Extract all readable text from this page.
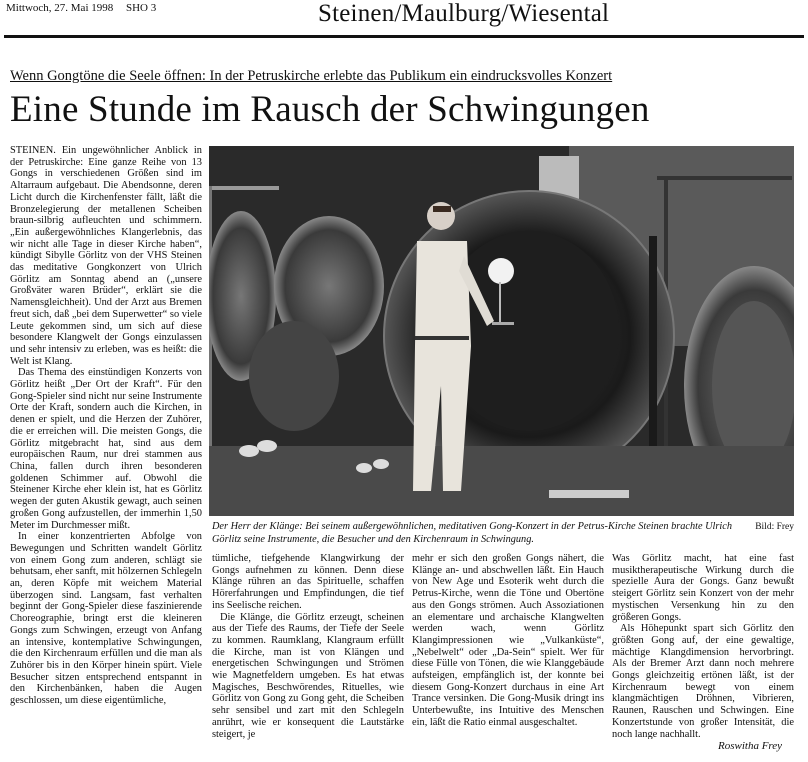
Mittwoch, 27. Mai 1998 SHO 3	Steinen/Maulburg/Wiesental
Wenn Gongtöne die Seele öffnen: In der Petruskirche erlebte das Publikum ein eindrucksvolles Konzert
Eine Stunde im Rausch der Schwingungen

STEINEN. Ein ungewöhnlicher Anblick in der Petruskirche: Eine ganze Reihe von 13 Gongs in verschiedenen Größen sind im Altarraum aufgebaut. Die Abendsonne, deren Licht durch die Kirchenfenster fällt, läßt die Bronzelegierung der metallenen Scheiben braun-silbrig aufleuchten und schimmern. „Ein außergewöhnliches Klangerlebnis, das wir nicht alle Tage in dieser Kirche haben“, kündigt Sibylle Görlitz von der VHS Steinen das meditative Gongkonzert von Ulrich Görlitz am Sonntag abend an („unsere Großväter waren Brüder“, erklärt sie die Namensgleichheit). Und der Arzt aus Bremen freut sich, daß „bei dem Superwetter“ so viele Leute gekommen sind, um sich auf diese besondere Klangwelt der Gongs einzulassen und sehr intensiv zu erleben, was es heißt: die Welt ist Klang.

Das Thema des einstündigen Konzerts von Görlitz heißt „Der Ort der Kraft“. Für den Gong-Spieler sind nicht nur seine Instrumente Orte der Kraft, sondern auch die Kirchen, in denen er spielt, und die Herzen der Zuhörer, die er erreichen will. Die meisten Gongs, die Görlitz mitgebracht hat, sind aus dem europäischen Raum, nur drei stammen aus China, fallen durch ihren besonderen goldenen Schimmer auf. Obwohl die Steinener Kirche eher klein ist, hat es Görlitz wegen der guten Akustik gewagt, auch seinen großen Gong aufzustellen, der immerhin 1,50 Meter im Durchmesser mißt.

In einer konzentrierten Abfolge von Bewegungen und Schritten wandelt Görlitz von einem Gong zum anderen, schlägt sie behutsam, eher sanft, mit hölzernen Schlegeln an, deren Köpfe mit weichem Material überzogen sind. Langsam, fast verhalten beginnt der Gong-Spieler diese faszinierende Choreographie, bringt erst die kleineren Gongs zum Schwingen, erzeugt von Anfang an intensive, kontemplative Schwingungen, die den Kirchenraum erfüllen und die man als Zuhörer bis in den Körper hinein spürt. Viele Besucher sitzen entsprechend entspannt in den Kirchenbänken, haben die Augen geschlossen, um diese eigentümliche,

Bild: Frey
Der Herr der Klänge: Bei seinem außergewöhnlichen, meditativen Gong-Konzert in der Petrus-Kirche Steinen brachte Ulrich Görlitz seine Instrumente, die Besucher und den Kirchenraum in Schwingung.

tümliche, tiefgehende Klangwirkung der Gongs aufnehmen zu können. Denn diese Klänge rühren an das Spirituelle, schaffen Hörerfahrungen und Empfindungen, die tief ins Seelische reichen.

Die Klänge, die Görlitz erzeugt, scheinen aus der Tiefe des Raums, der Tiefe der Seele zu kommen. Raumklang, Klangraum erfüllt die Kirche, man ist von Klängen und energetischen Schwingungen und Strömen wie Magnetfeldern umgeben. Es hat etwas Magisches, Beschwörendes, Rituelles, wie Görlitz von Gong zu Gong geht, die Scheiben sehr sensibel und zart mit den Schlegeln anrührt, wie er konsequent die Lautstärke steigert, je

mehr er sich den großen Gongs nähert, die Klänge an- und abschwellen läßt. Ein Hauch von New Age und Esoterik weht durch die Petrus-Kirche, wenn die Töne und Obertöne aus den Gongs strömen. Auch Assoziationen an elementare und archaische Klangwelten werden wach, wenn Görlitz Klangimpressionen wie „Vulkanküste“, „Nebelwelt“ oder „Da-Sein“ spielt. Wer für diese Fülle von Tönen, die wie Klanggebäude aufsteigen, empfänglich ist, der konnte bei diesem Gong-Konzert durchaus in eine Art Trance versinken. Die Gong-Musik dringt ins Unterbewußte, ins Intuitive des Menschen ein, läßt die Ratio einmal ausgeschaltet.

Was Görlitz macht, hat eine fast musiktherapeutische Wirkung durch die spezielle Aura der Gongs. Ganz bewußt steigert Görlitz sein Konzert von der mehr mystischen Versenkung hin zu den größeren Gongs.

Als Höhepunkt spart sich Görlitz den größten Gong auf, der eine gewaltige, mächtige Klangdimension hervorbringt. Als der Bremer Arzt dann noch mehrere Gongs gleichzeitig ertönen läßt, ist der Kirchenraum bewegt von einem klangmächtigen Dröhnen, Vibrieren, Raunen, Rauschen und Schwingen. Eine Konzertstunde von großer Intensität, die noch lange nachhallt.

Roswitha Frey
